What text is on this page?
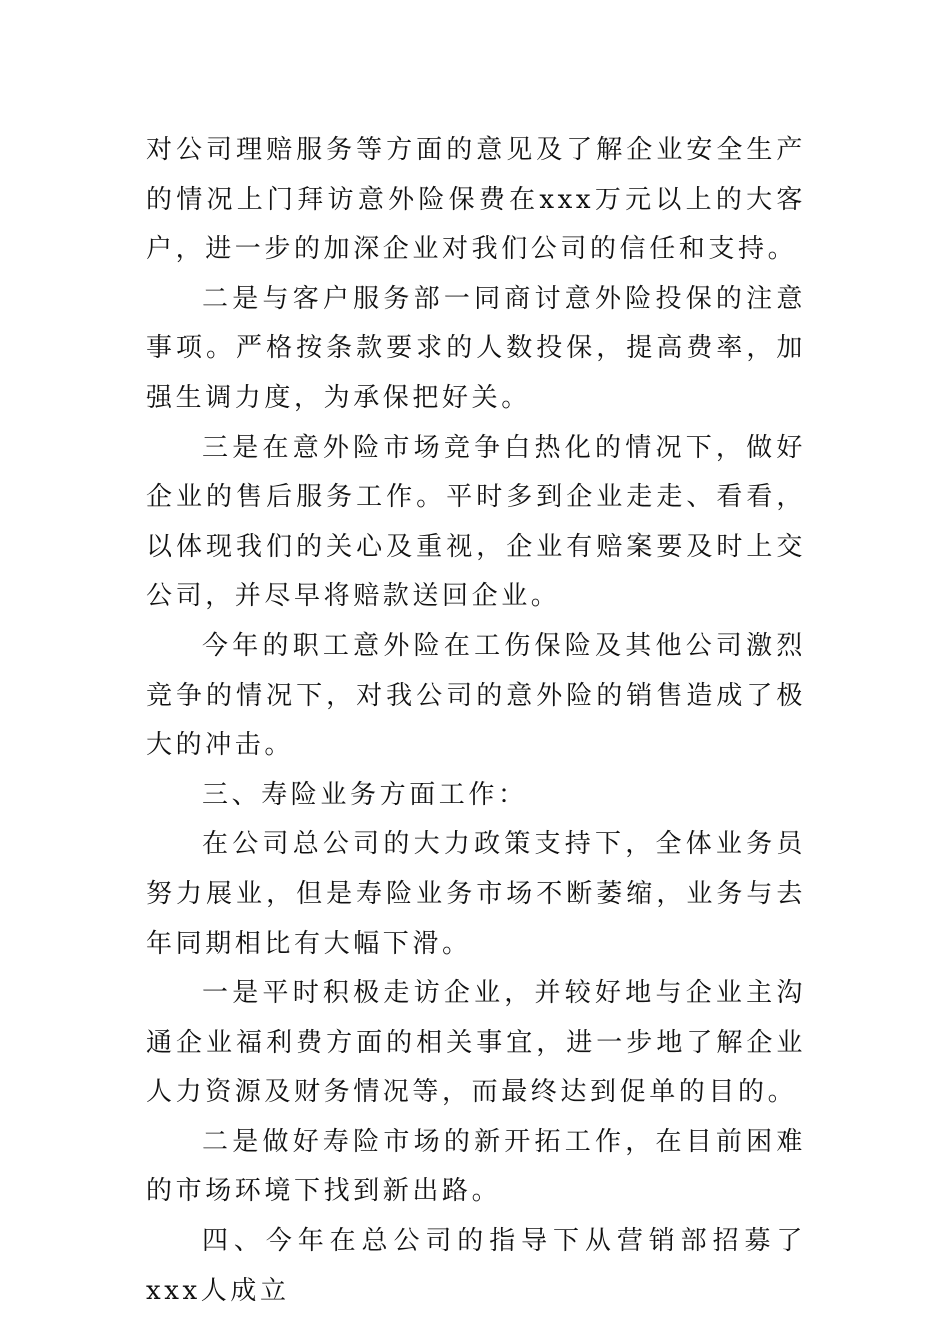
对公司理赔服务等方面的意见及了解企业安全生产的情况上门拜访意外险保费在xxx万元以上的大客户，进一步的加深企业对我们公司的信任和支持。

二是与客户服务部一同商讨意外险投保的注意事项。严格按条款要求的人数投保，提高费率，加强生调力度，为承保把好关。

三是在意外险市场竞争白热化的情况下，做好企业的售后服务工作。平时多到企业走走、看看，以体现我们的关心及重视，企业有赔案要及时上交公司，并尽早将赔款送回企业。

今年的职工意外险在工伤保险及其他公司激烈竞争的情况下，对我公司的意外险的销售造成了极大的冲击。

三、寿险业务方面工作：

在公司总公司的大力政策支持下，全体业务员努力展业，但是寿险业务市场不断萎缩，业务与去年同期相比有大幅下滑。

一是平时积极走访企业，并较好地与企业主沟通企业福利费方面的相关事宜，进一步地了解企业人力资源及财务情况等，而最终达到促单的目的。

二是做好寿险市场的新开拓工作，在目前困难的市场环境下找到新出路。

四、今年在总公司的指导下从营销部招募了xxx人成立
